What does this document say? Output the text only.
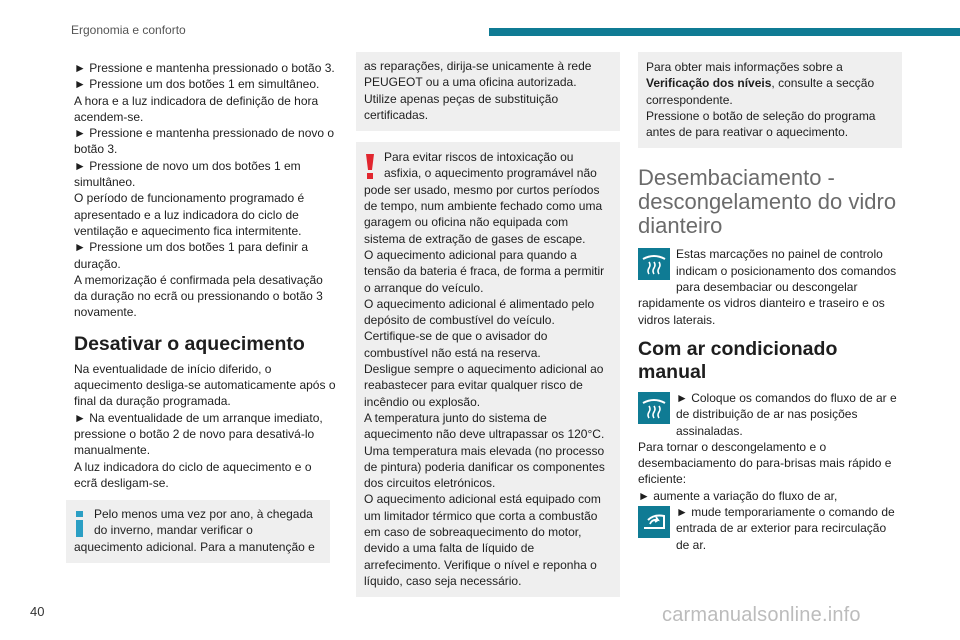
Ergonomia e conforto

► Pressione e mantenha pressionado o botão 3.

► Pressione um dos botões 1 em simultâneo.

A hora e a luz indicadora de definição de hora acendem-se.

► Pressione e mantenha pressionado de novo o botão 3.

► Pressione de novo um dos botões 1 em simultâneo.

O período de funcionamento programado é apresentado e a luz indicadora do ciclo de ventilação e aquecimento fica intermitente.

► Pressione um dos botões 1 para definir a duração.

A memorização é confirmada pela desativação da duração no ecrã ou pressionando o botão 3 novamente.

Desativar o aquecimento

Na eventualidade de início diferido, o aquecimento desliga-se automaticamente após o final da duração programada.

► Na eventualidade de um arranque imediato, pressione o botão 2 de novo para desativá-lo manualmente.

A luz indicadora do ciclo de aquecimento e o ecrã desligam-se.

Pelo menos uma vez por ano, à chegada do inverno, mandar verificar o aquecimento adicional. Para a manutenção e
as reparações, dirija-se unicamente à rede PEUGEOT ou a uma oficina autorizada. Utilize apenas peças de substituição certificadas.

Para evitar riscos de intoxicação ou asfixia, o aquecimento programável não pode ser usado, mesmo por curtos períodos de tempo, num ambiente fechado como uma garagem ou oficina não equipada com sistema de extração de gases de escape.

O aquecimento adicional para quando a tensão da bateria é fraca, de forma a permitir o arranque do veículo.

O aquecimento adicional é alimentado pelo depósito de combustível do veículo. Certifique-se de que o avisador do combustível não está na reserva.

Desligue sempre o aquecimento adicional ao reabastecer para evitar qualquer risco de incêndio ou explosão.

A temperatura junto do sistema de aquecimento não deve ultrapassar os 120°C. Uma temperatura mais elevada (no processo de pintura) poderia danificar os componentes dos circuitos eletrónicos.

O aquecimento adicional está equipado com um limitador térmico que corta a combustão em caso de sobreaquecimento do motor, devido a uma falta de líquido de arrefecimento. Verifique o nível e reponha o líquido, caso seja necessário.

Para obter mais informações sobre a Verificação dos níveis, consulte a secção correspondente.

Pressione o botão de seleção do programa antes de para reativar o aquecimento.

Desembaciamento - descongelamento do vidro dianteiro
Estas marcações no painel de controlo indicam o posicionamento dos comandos para desembaciar ou descongelar rapidamente os vidros dianteiro e traseiro e os vidros laterais.
Com ar condicionado manual

► Coloque os comandos do fluxo de ar e de distribuição de ar nas posições assinaladas.

Para tornar o descongelamento e o desembaciamento do para-brisas mais rápido e eficiente:

► aumente a variação do fluxo de ar,

► mude temporariamente o comando de entrada de ar exterior para recirculação de ar.

40	carmanualsonline.info
